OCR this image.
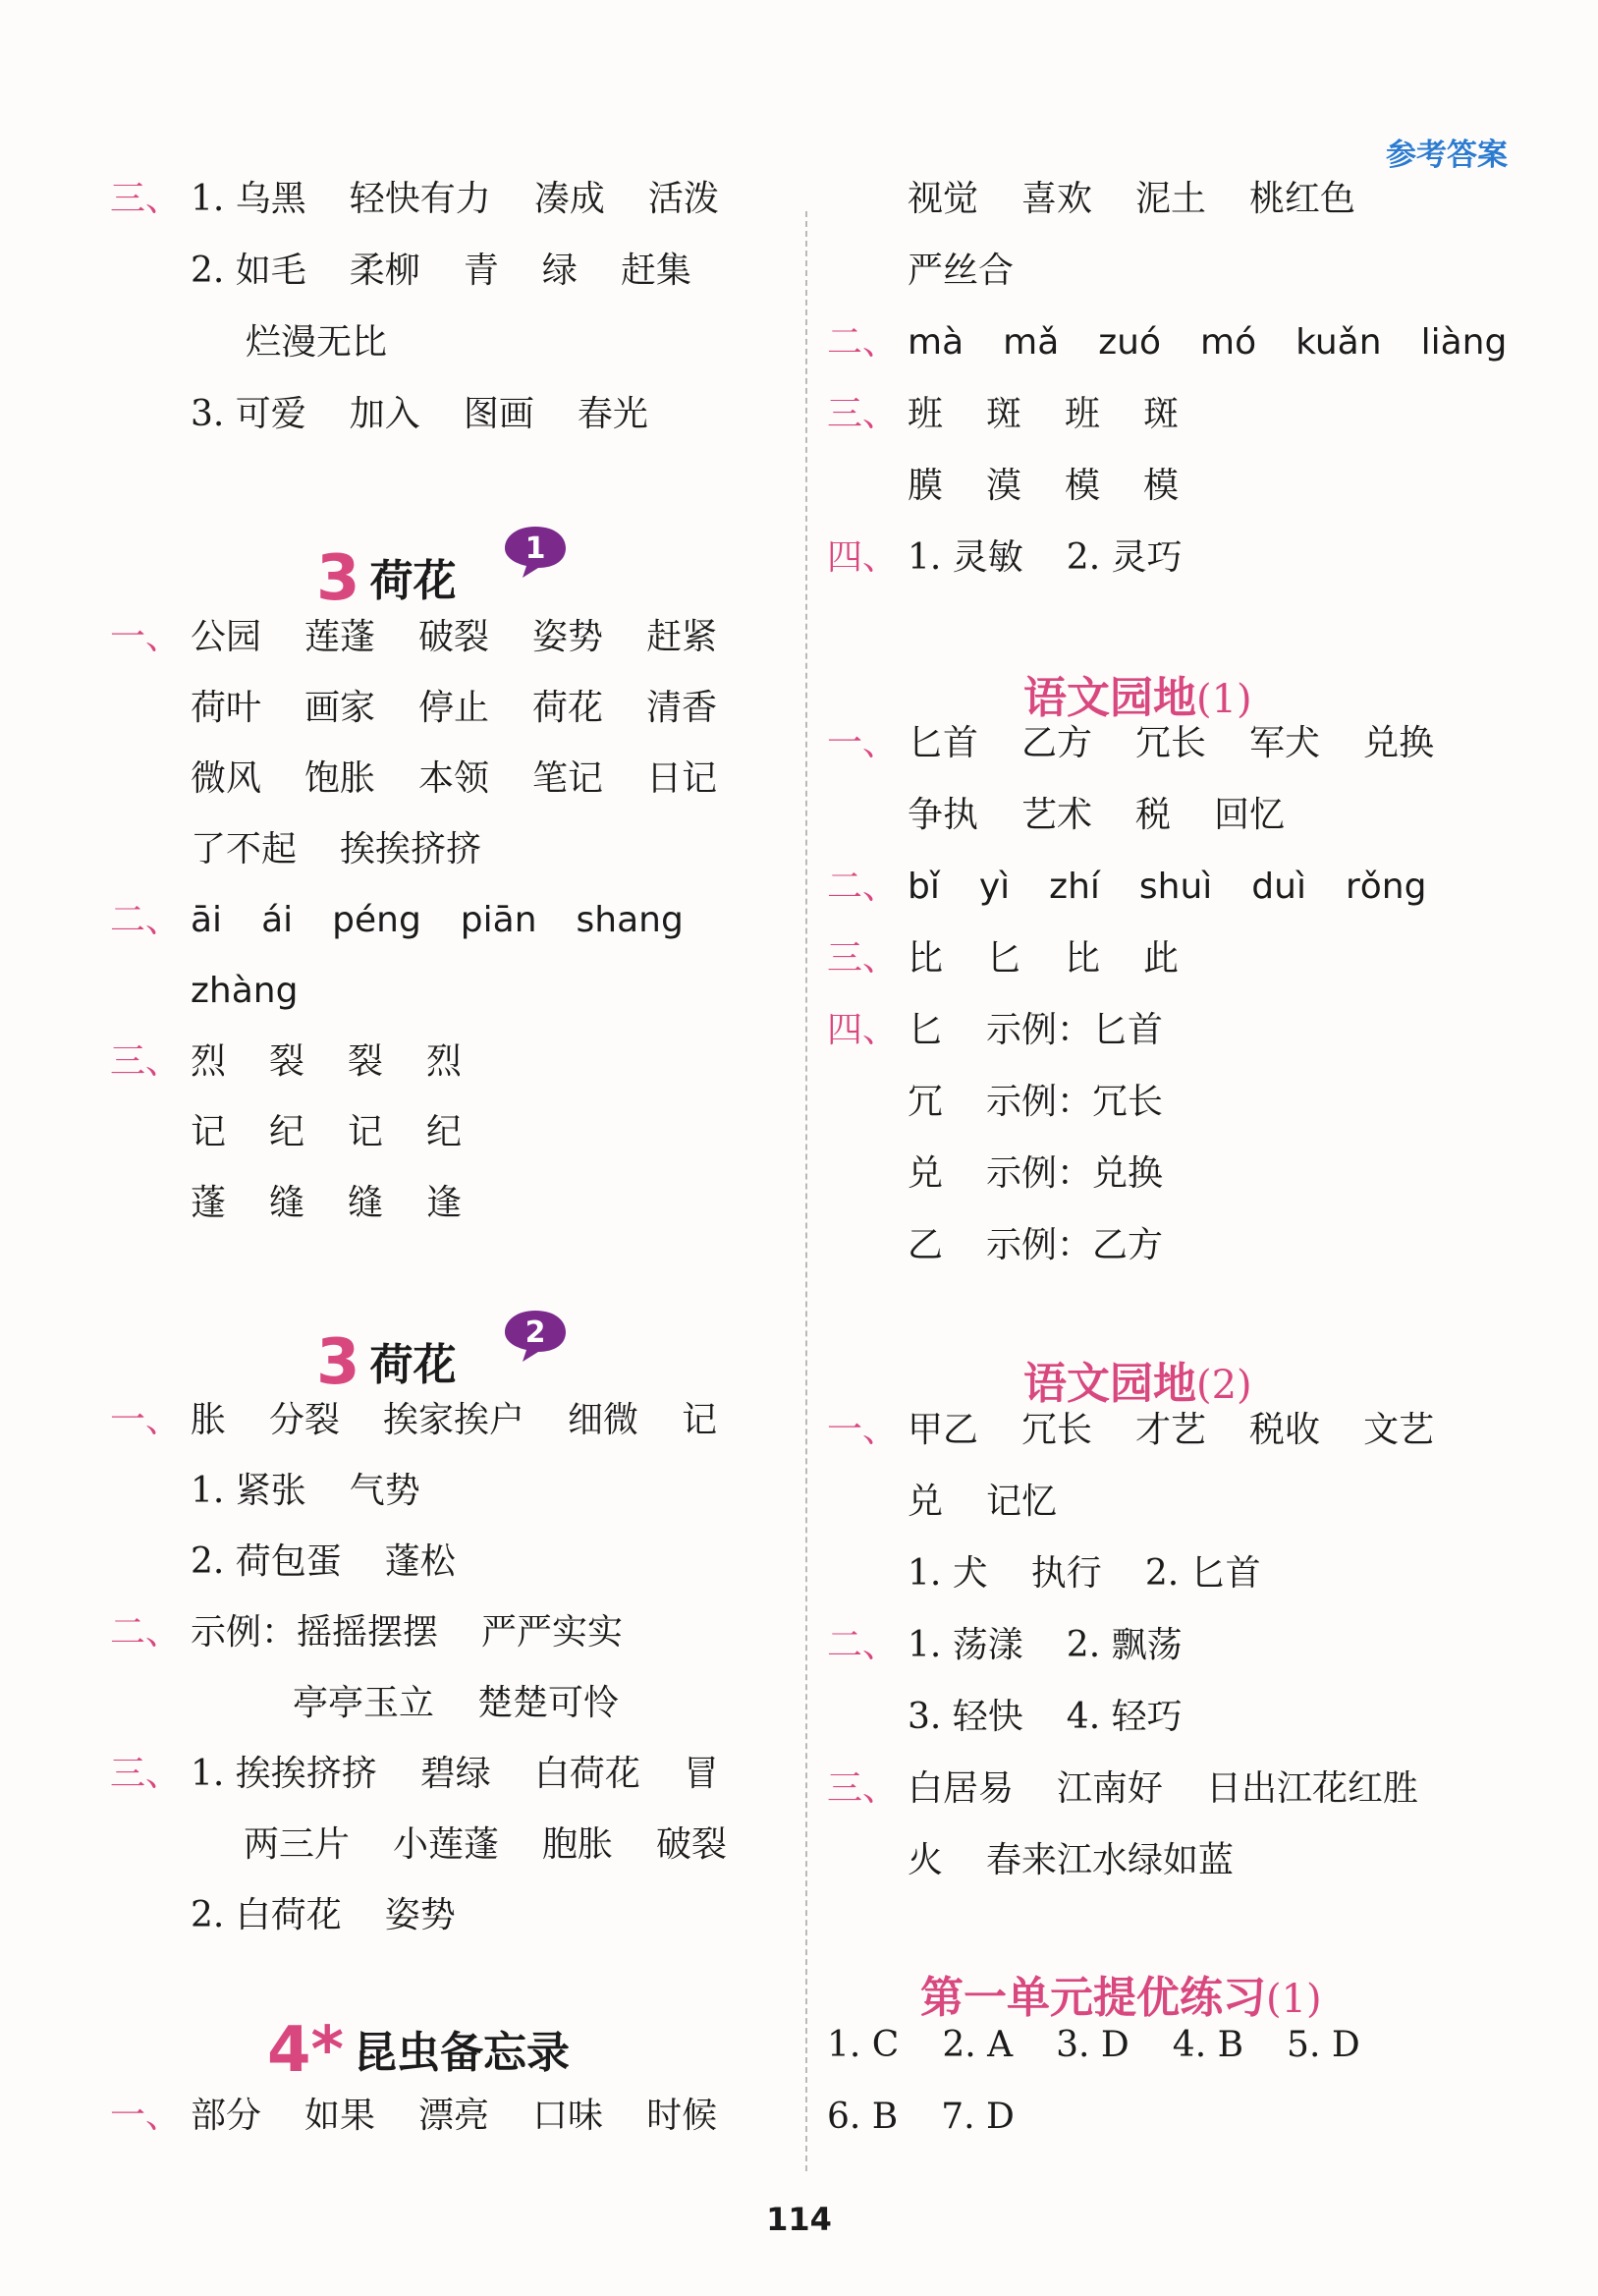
参考答案
三、 1. 乌黑 轻快有力 凑成 活泼
2. 如毛 柔柳 青 绿 赶集
烂漫无比
3. 可爱 加入 图画 春光
3 荷花
1
一、 公园 莲蓬 破裂 姿势 赶紧
荷叶 画家 停止 荷花 清香
微风 饱胀 本领 笔记 日记
了不起 挨挨挤挤
二、 āi ái péng piān shang
zhàng
三、 烈 裂 裂 烈
记 纪 记 纪
蓬 缝 缝 逢
3 荷花
2
一、 胀 分裂 挨家挨户 细微 记
1. 紧张 气势
2. 荷包蛋 蓬松
二、 示例：摇摇摆摆 严严实实
亭亭玉立 楚楚可怜
三、 1. 挨挨挤挤 碧绿 白荷花 冒
两三片 小莲蓬 胞胀 破裂
2. 白荷花 姿势
4* 昆虫备忘录
一、 部分 如果 漂亮 口味 时候
视觉 喜欢 泥土 桃红色
严丝合
二、 mà mǎ zuó mó kuǎn liàng
三、 班 斑 班 斑
膜 漠 模 模
四、 1. 灵敏 2. 灵巧
语文园地(1)
一、 匕首 乙方 冗长 军犬 兑换
争执 艺术 税 回忆
二、 bǐ yì zhí shuì duì rǒng
三、 比 匕 比 此
四、 匕 示例：匕首
冗 示例：冗长
兑 示例：兑换
乙 示例：乙方
语文园地(2)
一、 甲乙 冗长 才艺 税收 文艺
兑 记忆
1. 犬 执行 2. 匕首
二、 1. 荡漾 2. 飘荡
3. 轻快 4. 轻巧
三、 白居易 江南好 日出江花红胜
火 春来江水绿如蓝
第一单元提优练习(1)
1. C 2. A 3. D 4. B 5. D
6. B 7. D
114
